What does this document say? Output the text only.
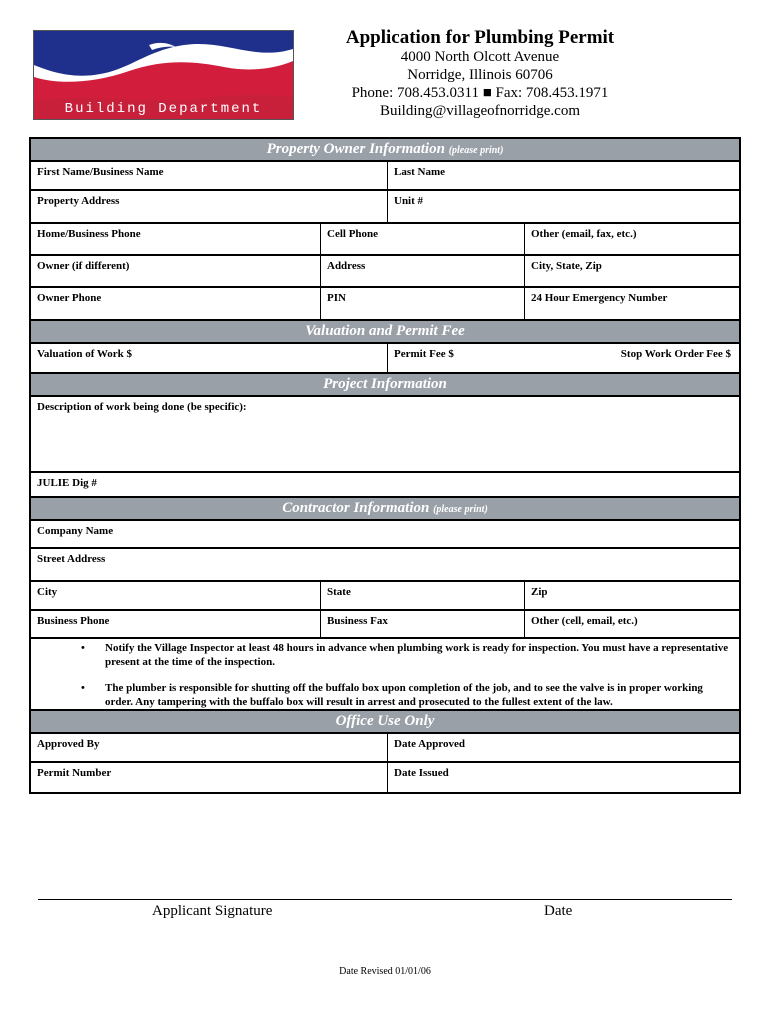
Building Department
Application for Plumbing Permit
4000 North Olcott Avenue
Norridge, Illinois 60706
Phone: 708.453.0311 ■ Fax: 708.453.1971
Building@villageofnorridge.com
Property Owner Information (please print)
First Name/Business Name	Last Name
Property Address	Unit #
Home/Business Phone	Cell Phone	Other (email, fax, etc.)
Owner (if different)	Address	City, State, Zip
Owner Phone	PIN	24 Hour Emergency Number
Valuation and Permit Fee
Valuation of Work $	Permit Fee $	Stop Work Order Fee $
Project Information
Description of work being done (be specific):
JULIE Dig #
Contractor Information (please print)
Company Name
Street Address
City	State	Zip
Business Phone	Business Fax	Other (cell, email, etc.)
• Notify the Village Inspector at least 48 hours in advance when plumbing work is ready for inspection. You must have a representative present at the time of the inspection.
• The plumber is responsible for shutting off the buffalo box upon completion of the job, and to see the valve is in proper working order. Any tampering with the buffalo box will result in arrest and prosecuted to the fullest extent of the law.
Office Use Only
Approved By	Date Approved
Permit Number	Date Issued
Applicant Signature	Date
Date Revised 01/01/06
